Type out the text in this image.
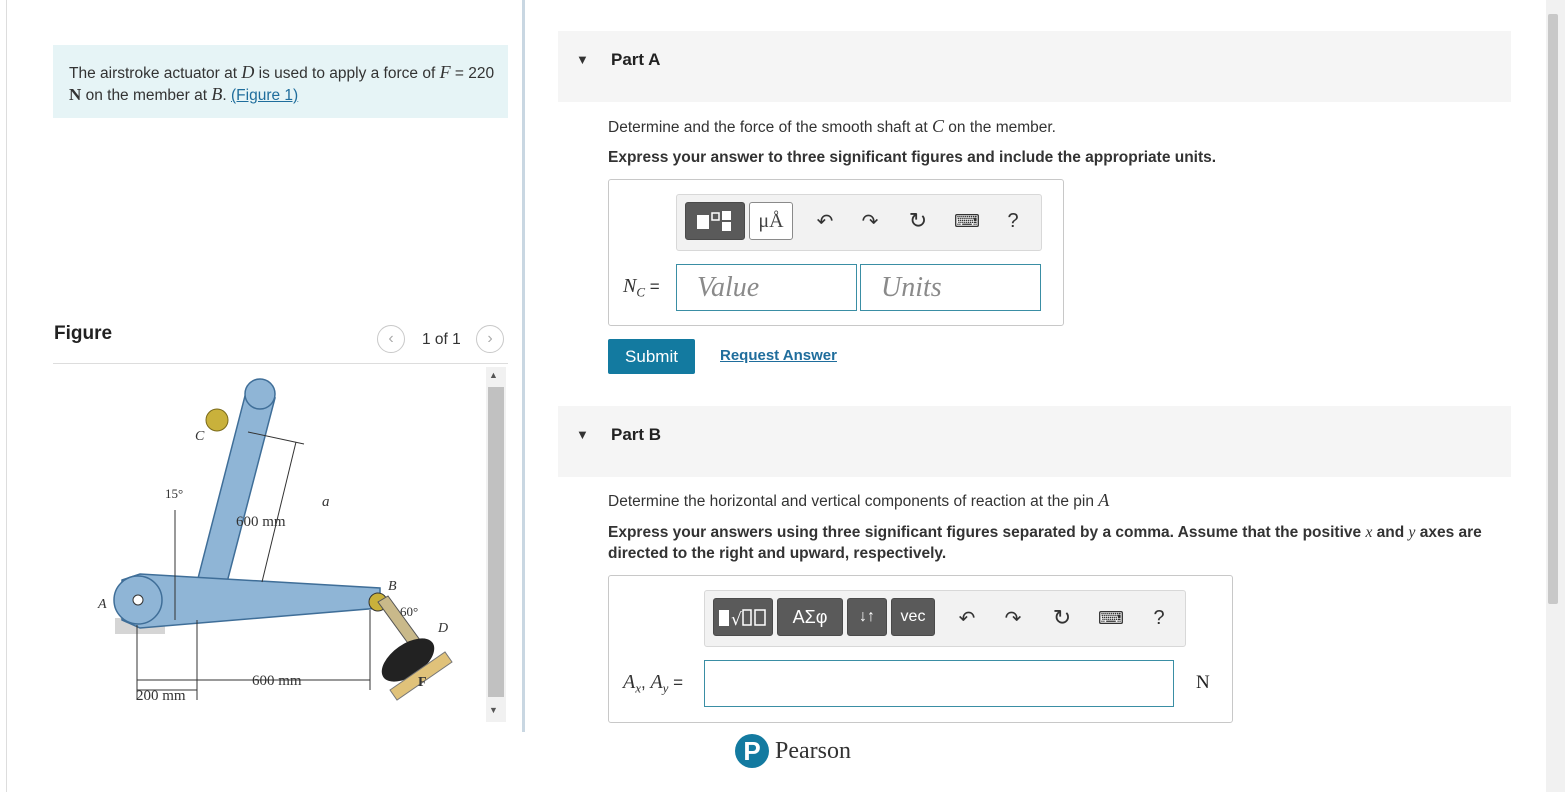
The airstroke actuator at D is used to apply a force of F = 220 N on the member at B. (Figure 1)
Figure	‹ 1 of 1 ›
C
15°
600 mm
a
A
B
60°
D
F
600 mm
200 mm
▲
▼
▼ Part A
Determine and the force of the smooth shaft at C on the member.
Express your answer to three significant figures and include the appropriate units.
μÅ	↶ ↷ ↻ ⌨ ?
$N_C$ =	Value	Units
Submit	Request Answer
▼ Part B
Determine the horizontal and vertical components of reaction at the pin A
Express your answers using three significant figures separated by a comma. Assume that the positive x and y axes are directed to the right and upward, respectively.
√	ΑΣφ	↓↑	vec	↶ ↷ ↻ ⌨ ?
$A_x$, $A_y$ =	N
P Pearson
